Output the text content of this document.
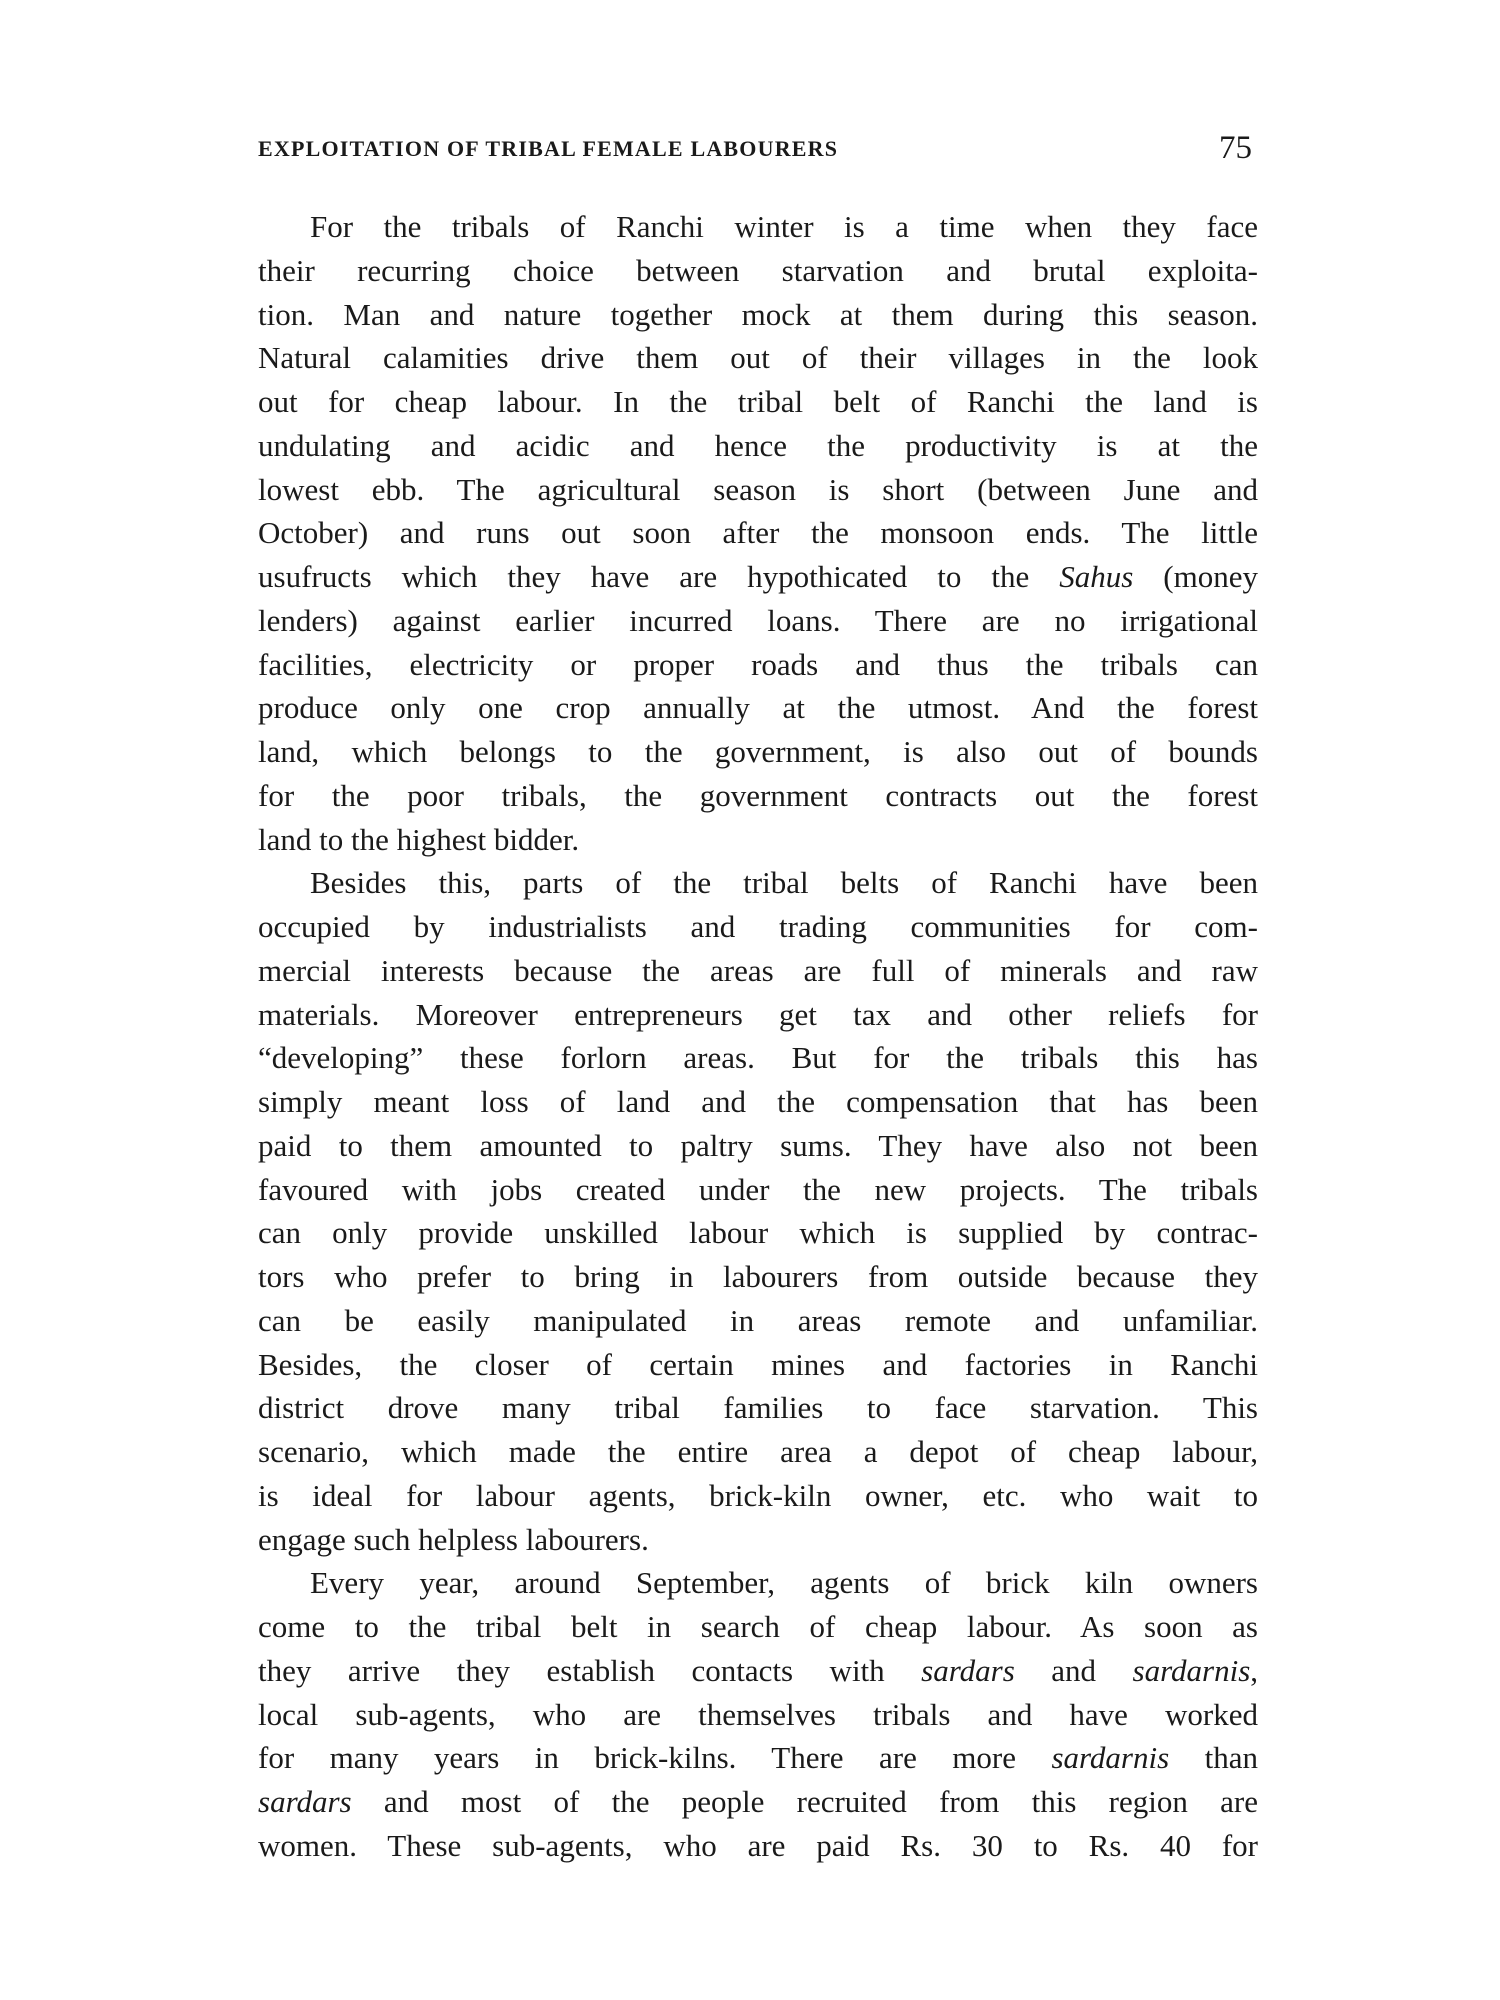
EXPLOITATION OF TRIBAL FEMALE LABOURERS	75
For the tribals of Ranchi winter is a time when they face
their recurring choice between starvation and brutal exploita-
tion. Man and nature together mock at them during this season.
Natural calamities drive them out of their villages in the look
out for cheap labour. In the tribal belt of Ranchi the land is
undulating and acidic and hence the productivity is at the
lowest ebb. The agricultural season is short (between June and
October) and runs out soon after the monsoon ends. The little
usufructs which they have are hypothicated to the Sahus (money
lenders) against earlier incurred loans. There are no irrigational
facilities, electricity or proper roads and thus the tribals can
produce only one crop annually at the utmost. And the forest
land, which belongs to the government, is also out of bounds
for the poor tribals, the government contracts out the forest
land to the highest bidder.
Besides this, parts of the tribal belts of Ranchi have been
occupied by industrialists and trading communities for com-
mercial interests because the areas are full of minerals and raw
materials. Moreover entrepreneurs get tax and other reliefs for
“developing” these forlorn areas. But for the tribals this has
simply meant loss of land and the compensation that has been
paid to them amounted to paltry sums. They have also not been
favoured with jobs created under the new projects. The tribals
can only provide unskilled labour which is supplied by contrac-
tors who prefer to bring in labourers from outside because they
can be easily manipulated in areas remote and unfamiliar.
Besides, the closer of certain mines and factories in Ranchi
district drove many tribal families to face starvation. This
scenario, which made the entire area a depot of cheap labour,
is ideal for labour agents, brick-kiln owner, etc. who wait to
engage such helpless labourers.
Every year, around September, agents of brick kiln owners
come to the tribal belt in search of cheap labour. As soon as
they arrive they establish contacts with sardars and sardarnis,
local sub-agents, who are themselves tribals and have worked
for many years in brick-kilns. There are more sardarnis than
sardars and most of the people recruited from this region are
women. These sub-agents, who are paid Rs. 30 to Rs. 40 for
